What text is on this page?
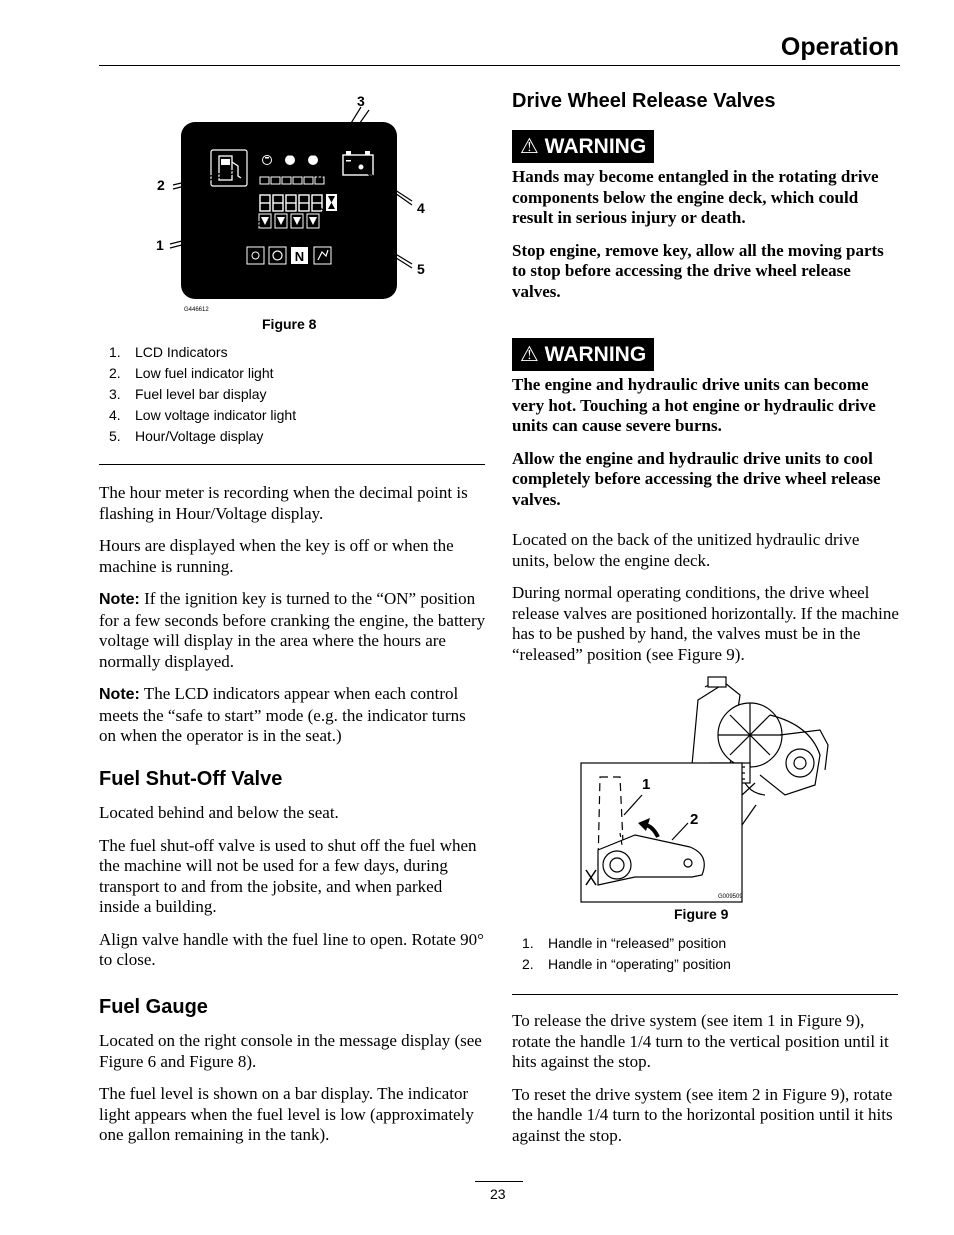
Operation
N
3
2
1
4
5
G446612
Figure 8
1. LCD Indicators
2. Low fuel indicator light
3. Fuel level bar display
4. Low voltage indicator light
5. Hour/Voltage display

The hour meter is recording when the decimal point is flashing in Hour/Voltage display.

Hours are displayed when the key is off or when the machine is running.

Note: If the ignition key is turned to the “ON” position for a few seconds before cranking the engine, the battery voltage will display in the area where the hours are normally displayed.

Note: The LCD indicators appear when each control meets the “safe to start” mode (e.g. the indicator turns on when the operator is in the seat.)

Fuel Shut-Off Valve

Located behind and below the seat.

The fuel shut-off valve is used to shut off the fuel when the machine will not be used for a few days, during transport to and from the jobsite, and when parked inside a building.

Align valve handle with the fuel line to open. Rotate 90° to close.

Fuel Gauge

Located on the right console in the message display (see Figure 6 and Figure 8).

The fuel level is shown on a bar display. The indicator light appears when the fuel level is low (approximately one gallon remaining in the tank).

Drive Wheel Release Valves
⚠ WARNING

Hands may become entangled in the rotating drive components below the engine deck, which could result in serious injury or death.

Stop engine, remove key, allow all the moving parts to stop before accessing the drive wheel release valves.

⚠ WARNING

The engine and hydraulic drive units can become very hot. Touching a hot engine or hydraulic drive units can cause severe burns.

Allow the engine and hydraulic drive units to cool completely before accessing the drive wheel release valves.

Located on the back of the unitized hydraulic drive units, below the engine deck.

During normal operating conditions, the drive wheel release valves are positioned horizontally. If the machine has to be pushed by hand, the valves must be in the “released” position (see Figure 9).

1
2
G009509
Figure 9
1. Handle in “released” position
2. Handle in “operating” position

To release the drive system (see item 1 in Figure 9), rotate the handle 1/4 turn to the vertical position until it hits against the stop.

To reset the drive system (see item 2 in Figure 9), rotate the handle 1/4 turn to the horizontal position until it hits against the stop.

23
